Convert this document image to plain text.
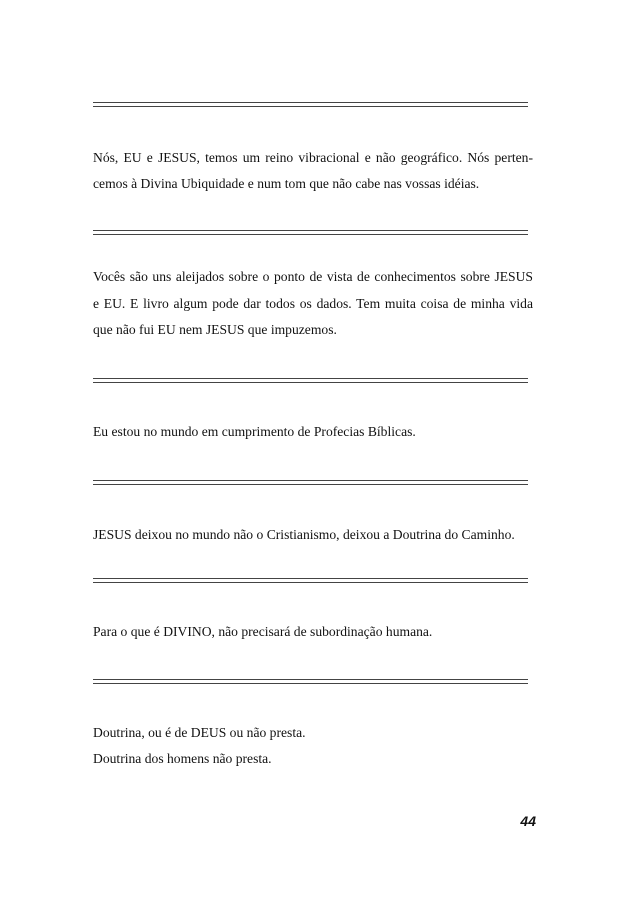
Nós, EU e JESUS, temos um reino vibracional e não geográfico. Nós perten-
cemos à Divina Ubiquidade e num tom que não cabe nas vossas idéias.
Vocês são uns aleijados sobre o ponto de vista de conhecimentos sobre JESUS
e EU. E livro algum pode dar todos os dados. Tem muita coisa de minha vida
que não fui EU nem JESUS que impuzemos.
Eu estou no mundo em cumprimento de Profecias Bíblicas.
JESUS deixou no mundo não o Cristianismo, deixou a Doutrina do Caminho.
Para o que é DIVINO, não precisará de subordinação humana.
Doutrina, ou é de DEUS ou não presta.
Doutrina dos homens não presta.
44
